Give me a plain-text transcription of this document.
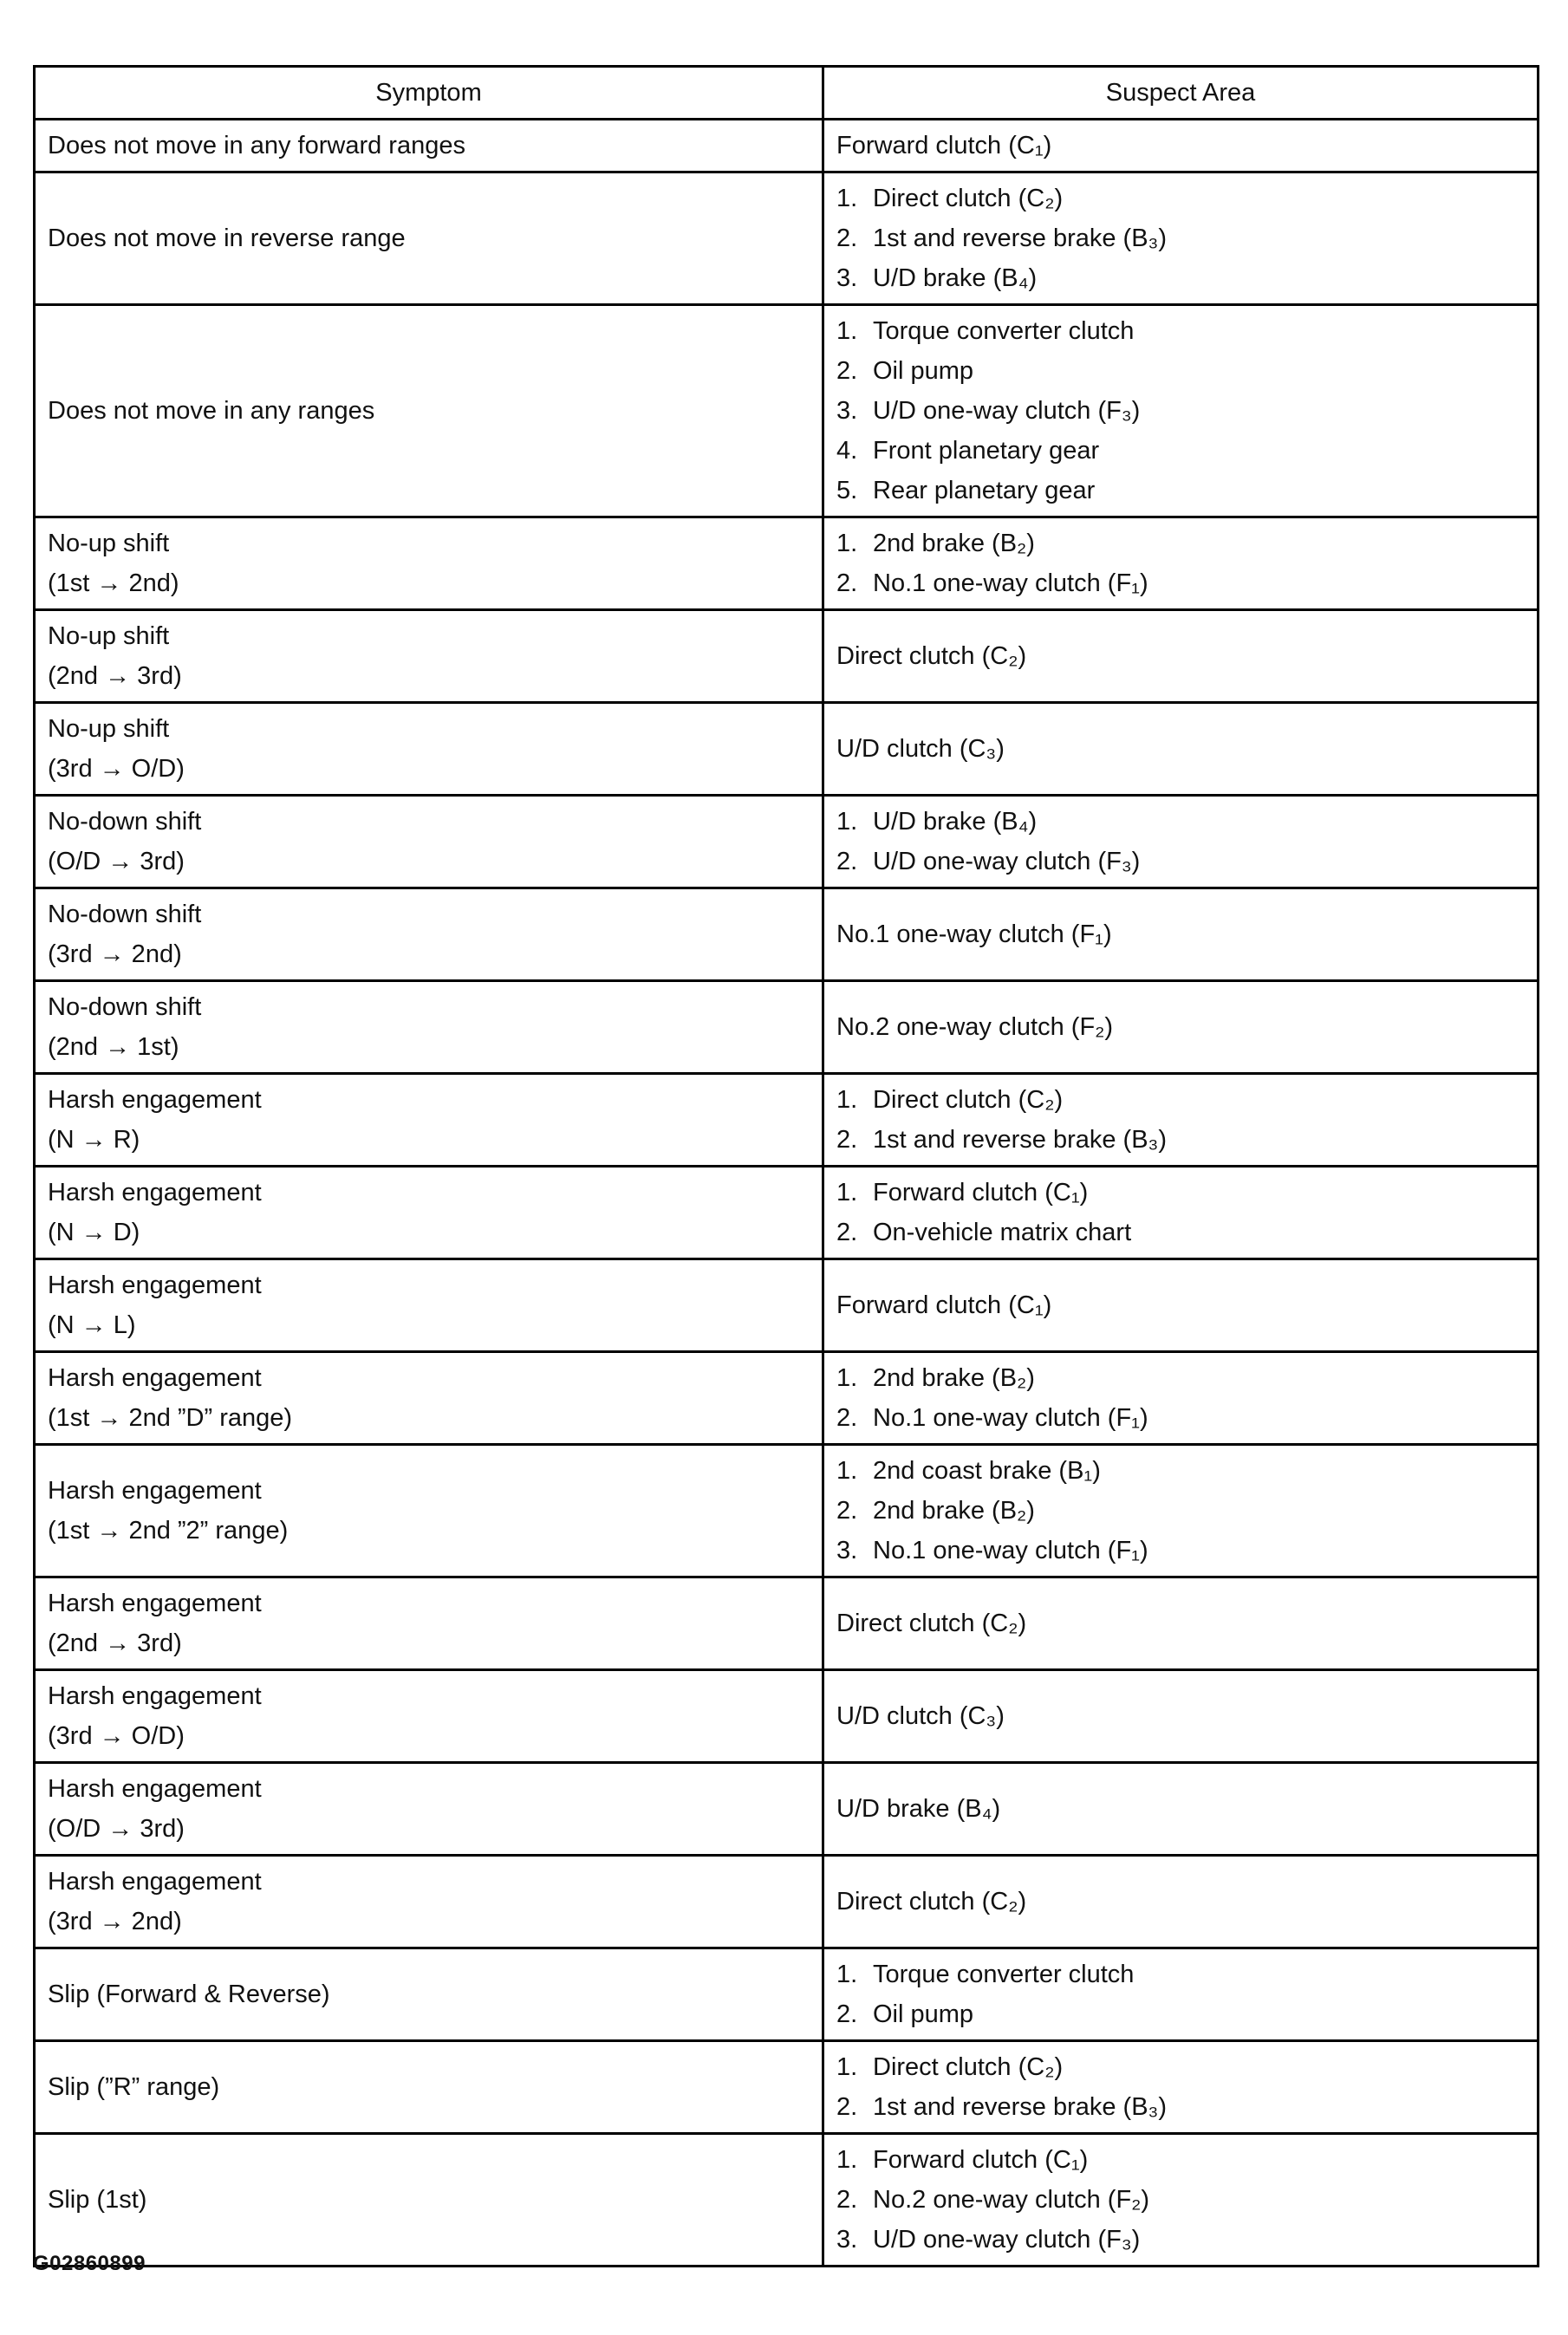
Symptom	Suspect Area

Does not move in any forward ranges	Forward clutch (C₁)

Does not move in reverse range	1. Direct clutch (C₂)
2. 1st and reverse brake (B₃)
3. U/D brake (B₄)

Does not move in any ranges	1. Torque converter clutch
2. Oil pump
3. U/D one-way clutch (F₃)
4. Front planetary gear
5. Rear planetary gear

No-up shift
(1st → 2nd)	1. 2nd brake (B₂)
2. No.1 one-way clutch (F₁)

No-up shift
(2nd → 3rd)	Direct clutch (C₂)

No-up shift
(3rd → O/D)	U/D clutch (C₃)

No-down shift
(O/D → 3rd)	1. U/D brake (B₄)
2. U/D one-way clutch (F₃)

No-down shift
(3rd → 2nd)	No.1 one-way clutch (F₁)

No-down shift
(2nd → 1st)	No.2 one-way clutch (F₂)

Harsh engagement
(N → R)	1. Direct clutch (C₂)
2. 1st and reverse brake (B₃)

Harsh engagement
(N → D)	1. Forward clutch (C₁)
2. On-vehicle matrix chart

Harsh engagement
(N → L)	Forward clutch (C₁)

Harsh engagement
(1st → 2nd ”D” range)	1. 2nd brake (B₂)
2. No.1 one-way clutch (F₁)

Harsh engagement
(1st → 2nd ”2” range)	1. 2nd coast brake (B₁)
2. 2nd brake (B₂)
3. No.1 one-way clutch (F₁)

Harsh engagement
(2nd → 3rd)	Direct clutch (C₂)

Harsh engagement
(3rd → O/D)	U/D clutch (C₃)

Harsh engagement
(O/D → 3rd)	U/D brake (B₄)

Harsh engagement
(3rd → 2nd)	Direct clutch (C₂)

Slip (Forward & Reverse)	1. Torque converter clutch
2. Oil pump

Slip (”R” range)	1. Direct clutch (C₂)
2. 1st and reverse brake (B₃)

Slip (1st)	1. Forward clutch (C₁)
2. No.2 one-way clutch (F₂)
3. U/D one-way clutch (F₃)
G02860899
